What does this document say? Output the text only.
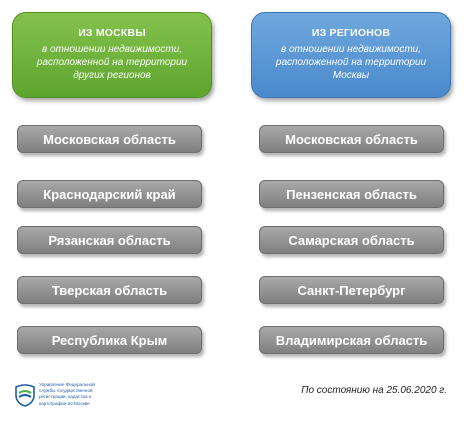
ИЗ МОСКВЫ
в отношении недвижимости,
расположенной на территории
других регионов
ИЗ РЕГИОНОВ
в отношении недвижимости,
расположенной на территории
Москвы
Московская область
Краснодарский край
Рязанская область
Тверская область
Республика Крым
Московская область
Пензенская область
Самарская область
Санкт-Петербург
Владимирская область
Управление Федеральной
службы государственной
регистрации, кадастра и
картографии по Москве
По состоянию на 25.06.2020 г.
